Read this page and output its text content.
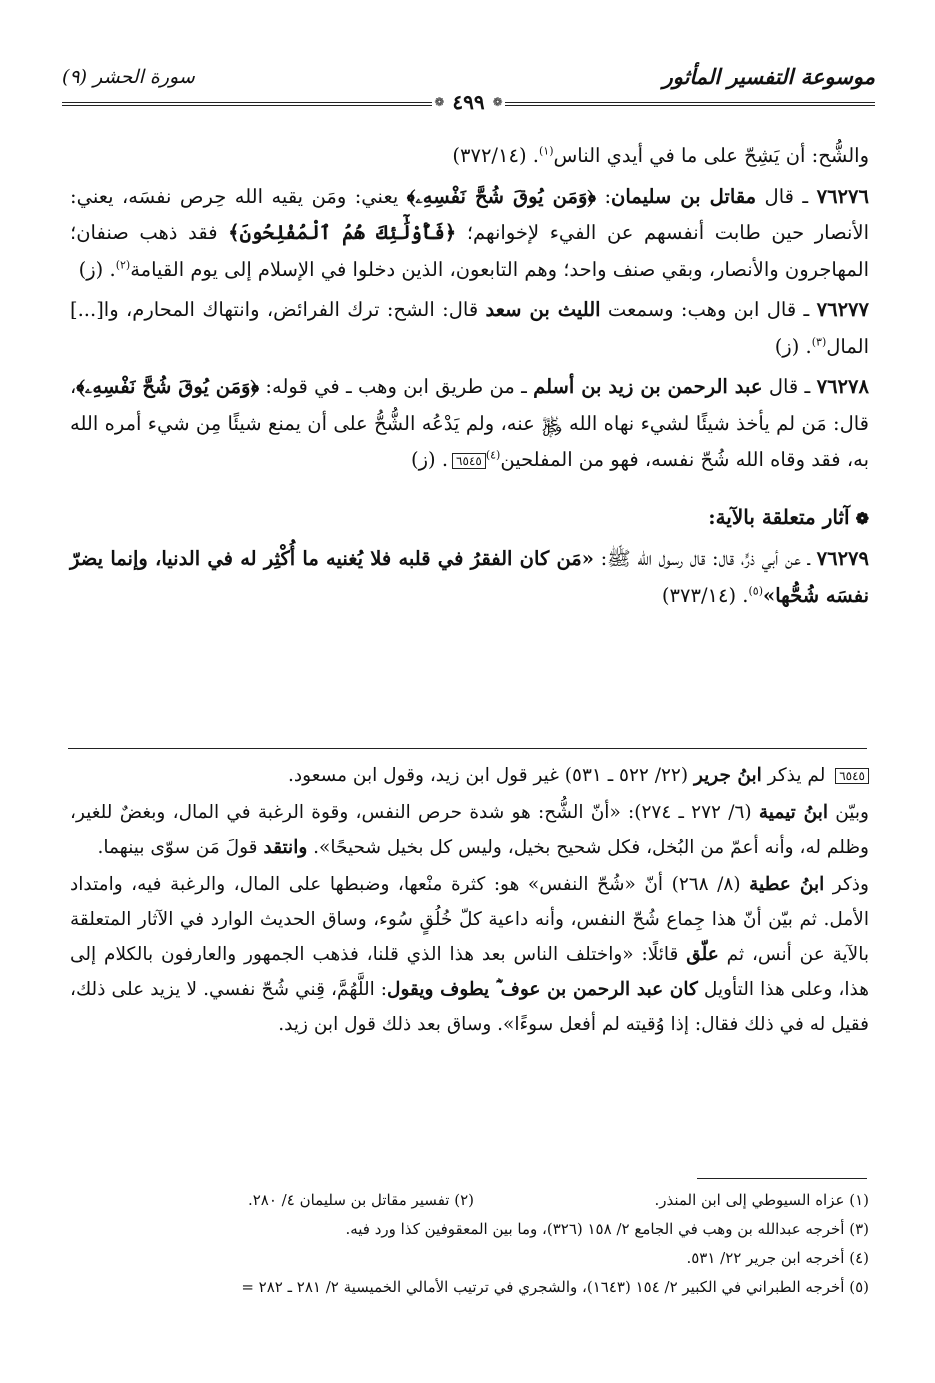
موسوعة التفسير المأثور
سورة الحشر (٩)
❁
٤٩٩
❁

والشُّح: أن يَشِحّ على ما في أيدي الناس$^{(١)}$. (٣٧٢/١٤)

٧٦٢٧٦ ـ قال مقاتل بن سليمان: ﴿وَمَن يُوقَ شُحَّ نَفْسِهِۦ﴾ يعني: ومَن يقيه الله حِرص نفسَه، يعني: الأنصار حين طابت أنفسهم عن الفيء لإخوانهم؛ ﴿فَأُوْلَٰٓئِكَ هُمُ ٱلْمُفْلِحُونَ﴾ فقد ذهب صنفان؛ المهاجرون والأنصار، وبقي صنف واحد؛ وهم التابعون، الذين دخلوا في الإسلام إلى يوم القيامة$^{(٢)}$. (ز)

٧٦٢٧٧ ـ قال ابن وهب: وسمعت الليث بن سعد قال: الشح: ترك الفرائض، وانتهاك المحارم، وا[...] المال$^{(٣)}$. (ز)

٧٦٢٧٨ ـ قال عبد الرحمن بن زيد بن أسلم ـ من طريق ابن وهب ـ في قوله: ﴿وَمَن يُوقَ شُحَّ نَفْسِهِۦ﴾، قال: مَن لم يأخذ شيئًا لشيء نهاه الله ﷿ عنه، ولم يَدْعُه الشُّحُّ على أن يمنع شيئًا مِن شيء أمره الله به، فقد وقاه الله شُحّ نفسه، فهو من المفلحين$^{(٤)}$٦٥٤٥. (ز)

❁آثار متعلقة بالآية:

٧٦٢٧٩ ـ عن أبي ذرٍّ، قال: قال رسول الله ﷺ: «مَن كان الفقرُ في قلبه فلا يُغنيه ما أُكْثِر له في الدنيا، وإنما يضرّ نفسَه شُحُّها»$^{(٥)}$. (٣٧٣/١٤)

٦٥٤٥ لم يذكر ابنُ جرير (٢٢/ ٥٢٢ ـ ٥٣١) غير قول ابن زيد، وقول ابن مسعود.

وبيّن ابنُ تيمية (٦/ ٢٧٢ ـ ٢٧٤): «أنّ الشُّح: هو شدة حرص النفس، وقوة الرغبة في المال، وبغضٌ للغير، وظلم له، وأنه أعمّ من البُخل، فكل شحيح بخيل، وليس كل بخيل شحيحًا». وانتقد قولَ مَن سوّى بينهما.

وذكر ابنُ عطية (٨/ ٢٦٨) أنّ «شُحّ النفس» هو: كثرة منْعها، وضبطها على المال، والرغبة فيه، وامتداد الأمل. ثم بيّن أنّ هذا جِماع شُحّ النفس، وأنه داعية كلّ خُلُقٍ سُوء، وساق الحديث الوارد في الآثار المتعلقة بالآية عن أنس، ثم علّق قائلًا: «واختلف الناس بعد هذا الذي قلنا، فذهب الجمهور والعارفون بالكلام إلى هذا، وعلى هذا التأويل كان عبد الرحمن بن عوف ؓ يطوف ويقول: اللَّهُمَّ، قِني شُحّ نفسي. لا يزيد على ذلك، فقيل له في ذلك فقال: إذا وُقيته لم أفعل سوءًا». وساق بعد ذلك قول ابن زيد.

(١) عزاه السيوطي إلى ابن المنذر.
(٢) تفسير مقاتل بن سليمان ٤/ ٢٨٠.
(٣) أخرجه عبدالله بن وهب في الجامع ٢/ ١٥٨ (٣٢٦)، وما بين المعقوفين كذا ورد فيه.
(٤) أخرجه ابن جرير ٢٢/ ٥٣١.
(٥) أخرجه الطبراني في الكبير ٢/ ١٥٤ (١٦٤٣)، والشجري في ترتيب الأمالي الخميسية ٢/ ٢٨١ ـ ٢٨٢ =
